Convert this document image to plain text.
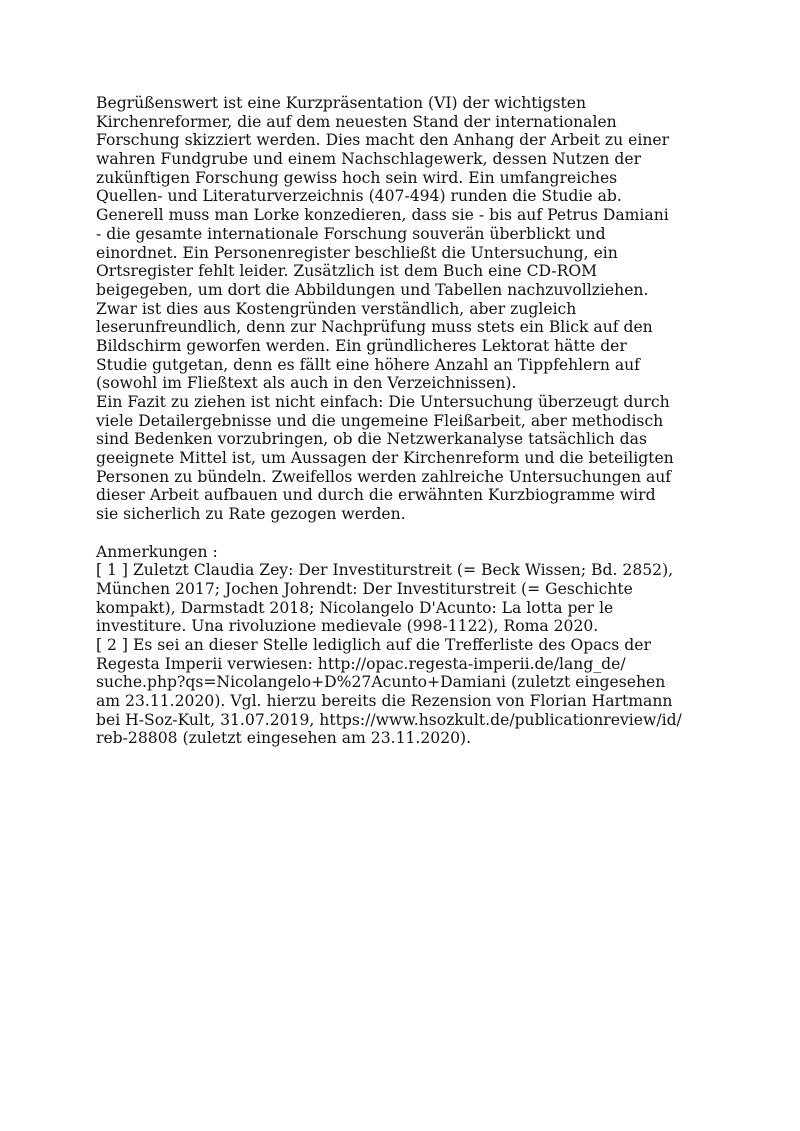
Begrüßenswert ist eine Kurzpräsentation (VI) der wichtigsten
Kirchenreformer, die auf dem neuesten Stand der internationalen
Forschung skizziert werden. Dies macht den Anhang der Arbeit zu einer
wahren Fundgrube und einem Nachschlagewerk, dessen Nutzen der
zukünftigen Forschung gewiss hoch sein wird. Ein umfangreiches
Quellen- und Literaturverzeichnis (407-494) runden die Studie ab.
Generell muss man Lorke konzedieren, dass sie - bis auf Petrus Damiani
- die gesamte internationale Forschung souverän überblickt und
einordnet. Ein Personenregister beschließt die Untersuchung, ein
Ortsregister fehlt leider. Zusätzlich ist dem Buch eine CD-ROM
beigegeben, um dort die Abbildungen und Tabellen nachzuvollziehen.
Zwar ist dies aus Kostengründen verständlich, aber zugleich
leserunfreundlich, denn zur Nachprüfung muss stets ein Blick auf den
Bildschirm geworfen werden. Ein gründlicheres Lektorat hätte der
Studie gutgetan, denn es fällt eine höhere Anzahl an Tippfehlern auf
(sowohl im Fließtext als auch in den Verzeichnissen).
Ein Fazit zu ziehen ist nicht einfach: Die Untersuchung überzeugt durch
viele Detailergebnisse und die ungemeine Fleißarbeit, aber methodisch
sind Bedenken vorzubringen, ob die Netzwerkanalyse tatsächlich das
geeignete Mittel ist, um Aussagen der Kirchenreform und die beteiligten
Personen zu bündeln. Zweifellos werden zahlreiche Untersuchungen auf
dieser Arbeit aufbauen und durch die erwähnten Kurzbiogramme wird
sie sicherlich zu Rate gezogen werden.
Anmerkungen :
[ 1 ] Zuletzt Claudia Zey: Der Investiturstreit (= Beck Wissen; Bd. 2852),
München 2017; Jochen Johrendt: Der Investiturstreit (= Geschichte
kompakt), Darmstadt 2018; Nicolangelo D'Acunto: La lotta per le
investiture. Una rivoluzione medievale (998-1122), Roma 2020.
[ 2 ] Es sei an dieser Stelle lediglich auf die Trefferliste des Opacs der
Regesta Imperii verwiesen: http://opac.regesta-imperii.de/lang_de/
suche.php?qs=Nicolangelo+D%27Acunto+Damiani (zuletzt eingesehen
am 23.11.2020). Vgl. hierzu bereits die Rezension von Florian Hartmann
bei H-Soz-Kult, 31.07.2019, https://www.hsozkult.de/publicationreview/id/
reb-28808 (zuletzt eingesehen am 23.11.2020).
